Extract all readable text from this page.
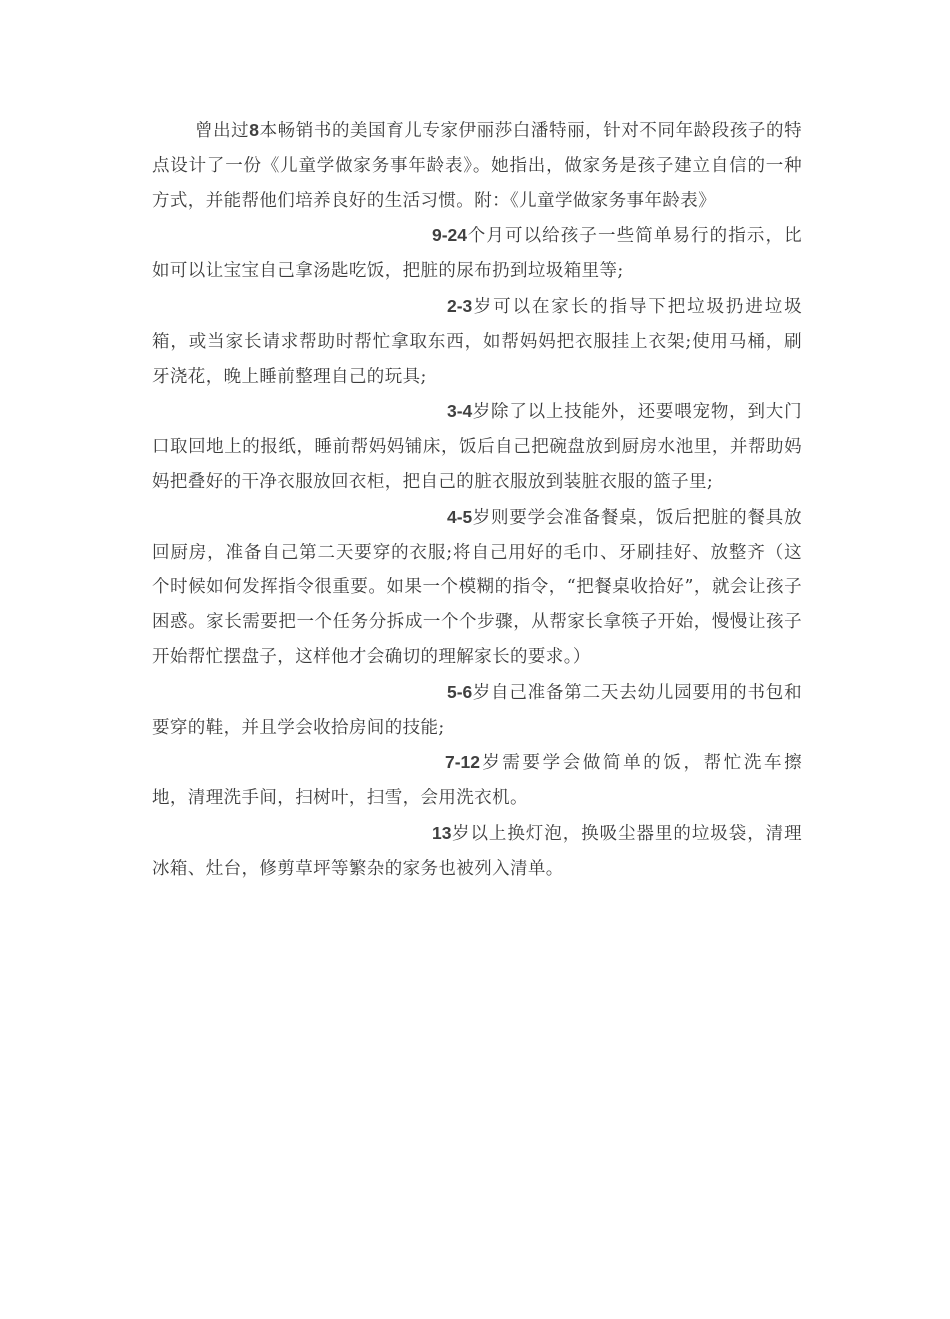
曾出过8本畅销书的美国育儿专家伊丽莎白潘特丽，针对不同年龄段孩子的特点设计了一份《儿童学做家务事年龄表》。她指出，做家务是孩子建立自信的一种方式，并能帮他们培养良好的生活习惯。附：《儿童学做家务事年龄表》

9-24个月可以给孩子一些简单易行的指示，比如可以让宝宝自己拿汤匙吃饭，把脏的尿布扔到垃圾箱里等;

2-3岁可以在家长的指导下把垃圾扔进垃圾箱，或当家长请求帮助时帮忙拿取东西，如帮妈妈把衣服挂上衣架;使用马桶，刷牙浇花，晚上睡前整理自己的玩具;

3-4岁除了以上技能外，还要喂宠物，到大门口取回地上的报纸，睡前帮妈妈铺床，饭后自己把碗盘放到厨房水池里，并帮助妈妈把叠好的干净衣服放回衣柜，把自己的脏衣服放到装脏衣服的篮子里;

4-5岁则要学会准备餐桌，饭后把脏的餐具放回厨房，准备自己第二天要穿的衣服;将自己用好的毛巾、牙刷挂好、放整齐（这个时候如何发挥指令很重要。如果一个模糊的指令，“把餐桌收拾好”，就会让孩子困惑。家长需要把一个任务分拆成一个个步骤，从帮家长拿筷子开始，慢慢让孩子开始帮忙摆盘子，这样他才会确切的理解家长的要求。）

5-6岁自己准备第二天去幼儿园要用的书包和要穿的鞋，并且学会收拾房间的技能;

7-12岁需要学会做简单的饭，帮忙洗车擦地，清理洗手间，扫树叶，扫雪，会用洗衣机。

13岁以上换灯泡，换吸尘器里的垃圾袋，清理冰箱、灶台，修剪草坪等繁杂的家务也被列入清单。
